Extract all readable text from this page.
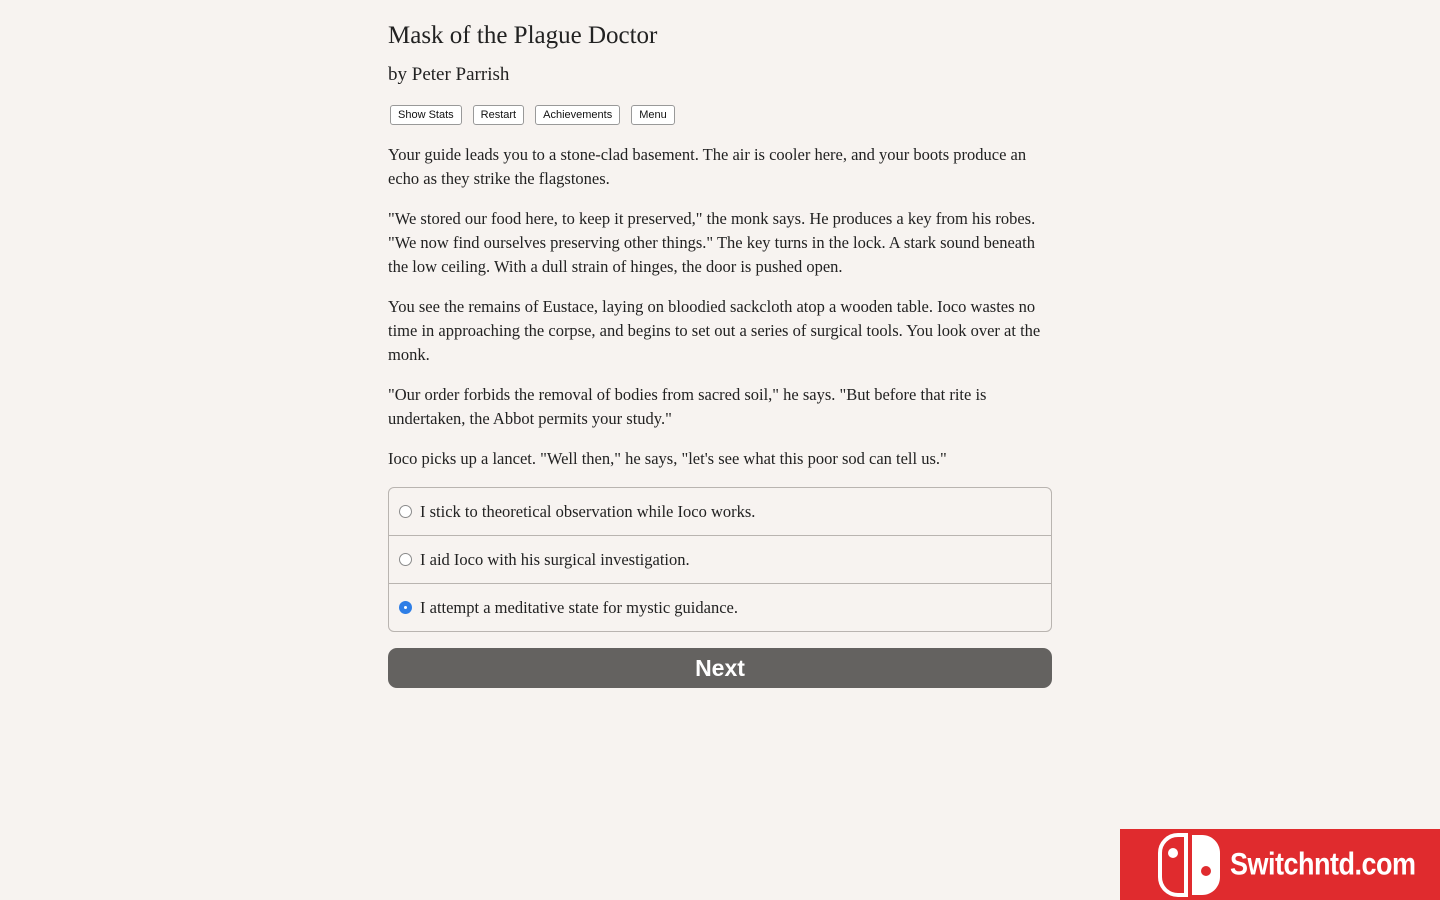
Mask of the Plague Doctor
by Peter Parrish
Show Stats	Restart	Achievements	Menu

Your guide leads you to a stone-clad basement. The air is cooler here, and your boots produce an echo as they strike the flagstones.

"We stored our food here, to keep it preserved," the monk says. He produces a key from his robes. "We now find ourselves preserving other things." The key turns in the lock. A stark sound beneath the low ceiling. With a dull strain of hinges, the door is pushed open.

You see the remains of Eustace, laying on bloodied sackcloth atop a wooden table. Ioco wastes no time in approaching the corpse, and begins to set out a series of surgical tools. You look over at the monk.

"Our order forbids the removal of bodies from sacred soil," he says. "But before that rite is undertaken, the Abbot permits your study."

Ioco picks up a lancet. "Well then," he says, "let's see what this poor sod can tell us."

I stick to theoretical observation while Ioco works.
I aid Ioco with his surgical investigation.
I attempt a meditative state for mystic guidance.
Next
Switchntd.com
